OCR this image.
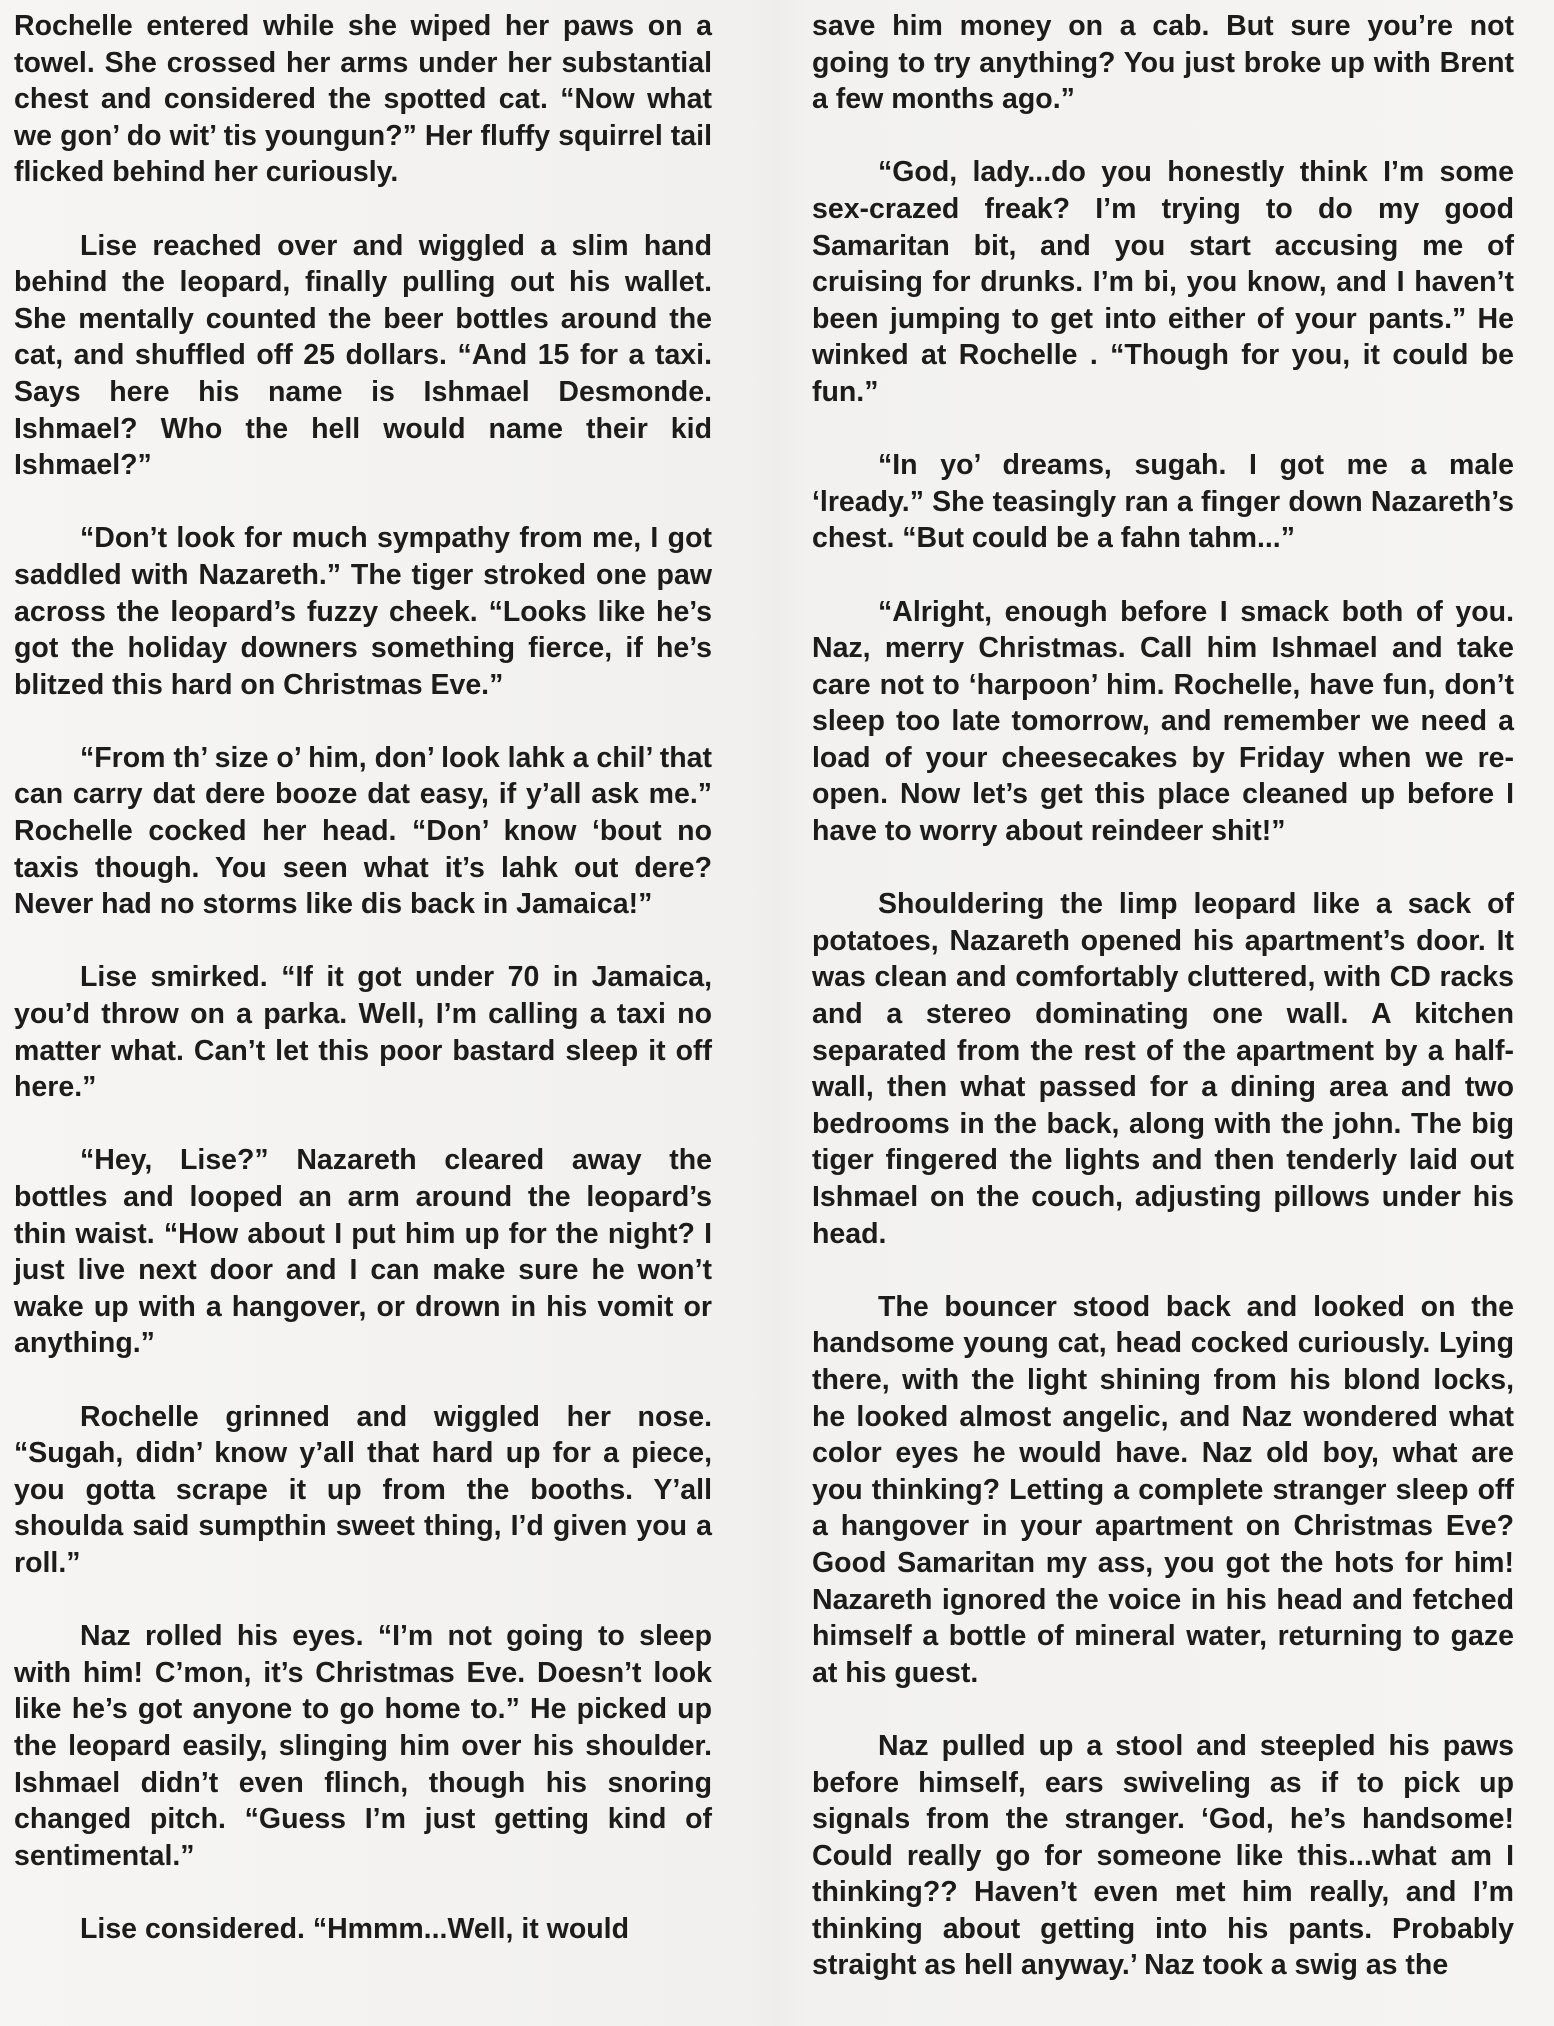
Rochelle entered while she wiped her paws on a towel. She crossed her arms under her substantial chest and considered the spotted cat. “Now what we gon’ do wit’ tis youngun?” Her fluffy squirrel tail flicked behind her curiously.

Lise reached over and wiggled a slim hand behind the leopard, finally pulling out his wallet. She mentally counted the beer bottles around the cat, and shuffled off 25 dollars. “And 15 for a taxi. Says here his name is Ishmael Desmonde. Ishmael? Who the hell would name their kid Ishmael?”

“Don’t look for much sympathy from me, I got saddled with Nazareth.” The tiger stroked one paw across the leopard’s fuzzy cheek. “Looks like he’s got the holiday downers something fierce, if he’s blitzed this hard on Christmas Eve.”

“From th’ size o’ him, don’ look lahk a chil’ that can carry dat dere booze dat easy, if y’all ask me.” Rochelle cocked her head. “Don’ know ‘bout no taxis though. You seen what it’s lahk out dere? Never had no storms like dis back in Jamaica!”

Lise smirked. “If it got under 70 in Jamaica, you’d throw on a parka. Well, I’m calling a taxi no matter what. Can’t let this poor bastard sleep it off here.”

“Hey, Lise?” Nazareth cleared away the bottles and looped an arm around the leopard’s thin waist. “How about I put him up for the night? I just live next door and I can make sure he won’t wake up with a hangover, or drown in his vomit or anything.”

Rochelle grinned and wiggled her nose. “Sugah, didn’ know y’all that hard up for a piece, you gotta scrape it up from the booths. Y’all shoulda said sumpthin sweet thing, I’d given you a roll.”

Naz rolled his eyes. “I’m not going to sleep with him! C’mon, it’s Christmas Eve. Doesn’t look like he’s got anyone to go home to.” He picked up the leopard easily, slinging him over his shoulder. Ishmael didn’t even flinch, though his snoring changed pitch. “Guess I’m just getting kind of sentimental.”

Lise considered. “Hmmm...Well, it would

save him money on a cab. But sure you’re not going to try anything? You just broke up with Brent a few months ago.”

“God, lady...do you honestly think I’m some sex-crazed freak? I’m trying to do my good Samaritan bit, and you start accusing me of cruising for drunks. I’m bi, you know, and I haven’t been jumping to get into either of your pants.” He winked at Rochelle . “Though for you, it could be fun.”

“In yo’ dreams, sugah. I got me a male ‘lready.” She teasingly ran a finger down Nazareth’s chest. “But could be a fahn tahm...”

“Alright, enough before I smack both of you. Naz, merry Christmas. Call him Ishmael and take care not to ‘harpoon’ him. Rochelle, have fun, don’t sleep too late tomorrow, and remember we need a load of your cheesecakes by Friday when we re-open. Now let’s get this place cleaned up before I have to worry about reindeer shit!”

Shouldering the limp leopard like a sack of potatoes, Nazareth opened his apartment’s door. It was clean and comfortably cluttered, with CD racks and a stereo dominating one wall. A kitchen separated from the rest of the apartment by a half-wall, then what passed for a dining area and two bedrooms in the back, along with the john. The big tiger fingered the lights and then tenderly laid out Ishmael on the couch, adjusting pillows under his head.

The bouncer stood back and looked on the handsome young cat, head cocked curiously. Lying there, with the light shining from his blond locks, he looked almost angelic, and Naz wondered what color eyes he would have. Naz old boy, what are you thinking? Letting a complete stranger sleep off a hangover in your apartment on Christmas Eve? Good Samaritan my ass, you got the hots for him! Nazareth ignored the voice in his head and fetched himself a bottle of mineral water, returning to gaze at his guest.

Naz pulled up a stool and steepled his paws before himself, ears swiveling as if to pick up signals from the stranger. ‘God, he’s handsome! Could really go for someone like this...what am I thinking?? Haven’t even met him really, and I’m thinking about getting into his pants. Probably straight as hell anyway.’ Naz took a swig as the
